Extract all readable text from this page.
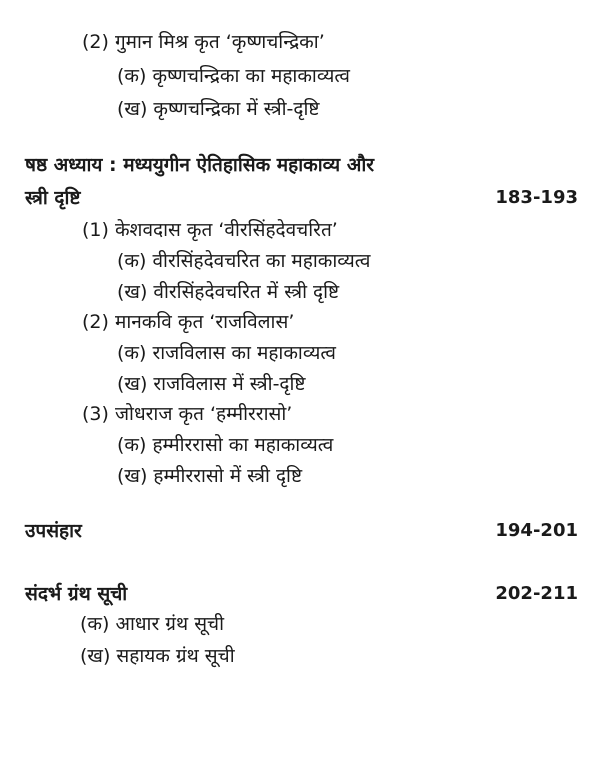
(2) गुमान मिश्र कृत ‘कृष्णचन्द्रिका’
(क) कृष्णचन्द्रिका का महाकाव्यत्व
(ख) कृष्णचन्द्रिका में स्त्री-दृष्टि
षष्ठ अध्याय : मध्ययुगीन ऐतिहासिक महाकाव्य और
स्त्री दृष्टि	183-193
(1) केशवदास कृत ‘वीरसिंहदेवचरित’
(क) वीरसिंहदेवचरित का महाकाव्यत्व
(ख) वीरसिंहदेवचरित में स्त्री दृष्टि
(2) मानकवि कृत ‘राजविलास’
(क) राजविलास का महाकाव्यत्व
(ख) राजविलास में स्त्री-दृष्टि
(3) जोधराज कृत ‘हम्मीररासो’
(क) हम्मीररासो का महाकाव्यत्व
(ख) हम्मीररासो में स्त्री दृष्टि
उपसंहार	194-201
संदर्भ ग्रंथ सूची	202-211
(क) आधार ग्रंथ सूची
(ख) सहायक ग्रंथ सूची
